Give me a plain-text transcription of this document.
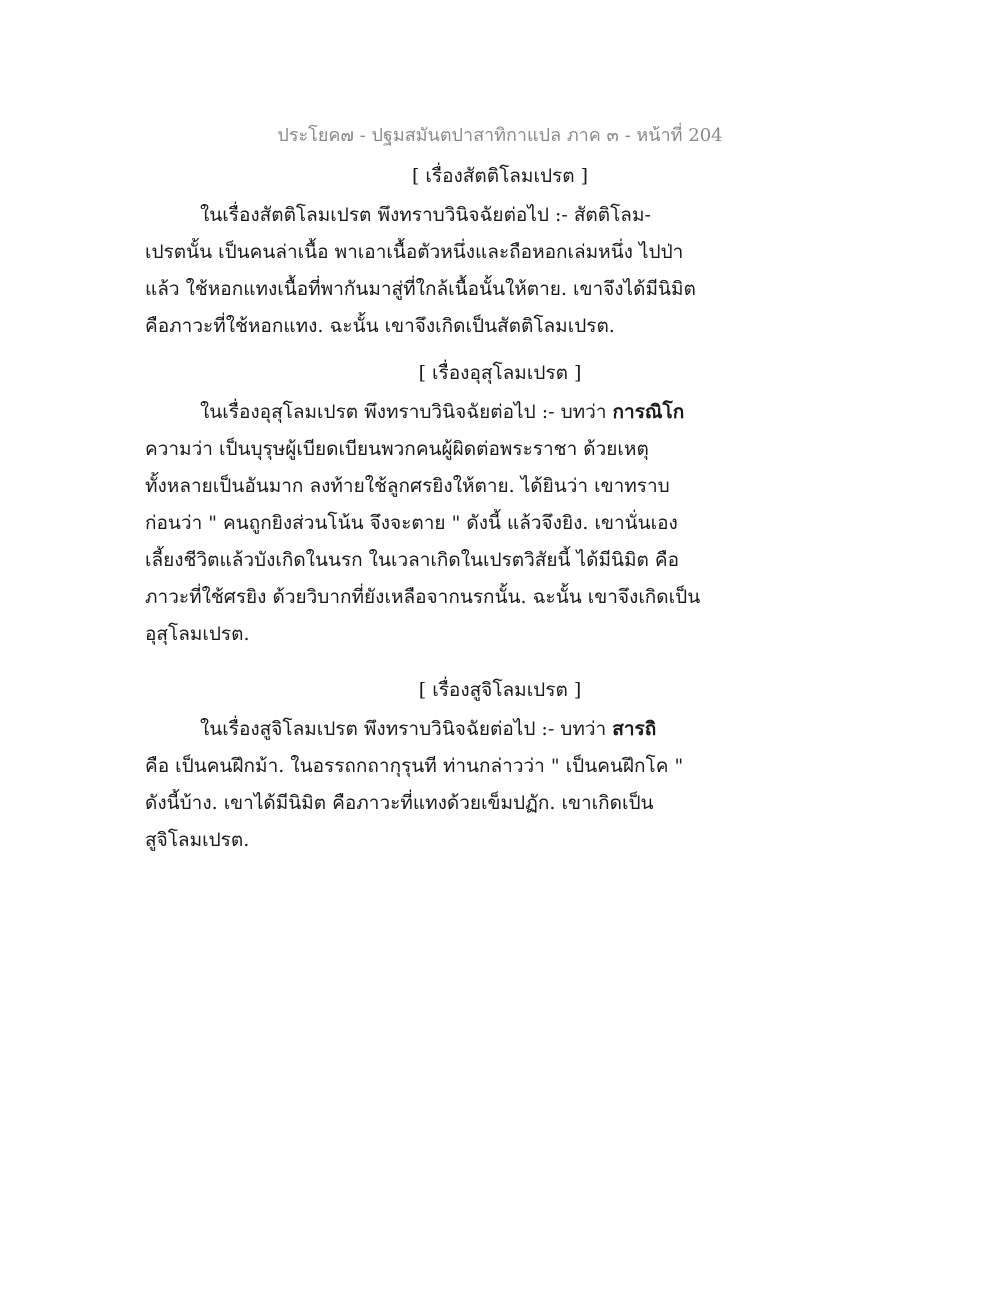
ประโยค๗ - ปฐมสมันตปาสาทิกาแปล ภาค ๓ - หน้าที่ 204
[ เรื่องสัตติโลมเปรต ]
ในเรื่องสัตติโลมเปรต พึงทราบวินิจฉัยต่อไป :- สัตติโลม-
เปรตนั้น เป็นคนล่าเนื้อ พาเอาเนื้อตัวหนึ่งและถือหอกเล่มหนึ่ง ไปป่า
แล้ว ใช้หอกแทงเนื้อที่พากันมาสู่ที่ใกล้เนื้อนั้นให้ตาย. เขาจึงได้มีนิมิต
คือภาวะที่ใช้หอกแทง. ฉะนั้น เขาจึงเกิดเป็นสัตติโลมเปรต.
[ เรื่องอุสุโลมเปรต ]
ในเรื่องอุสุโลมเปรต พึงทราบวินิจฉัยต่อไป :- บทว่า การณิโก
ความว่า เป็นบุรุษผู้เบียดเบียนพวกคนผู้ผิดต่อพระราชา ด้วยเหตุ
ทั้งหลายเป็นอันมาก ลงท้ายใช้ลูกศรยิงให้ตาย. ได้ยินว่า เขาทราบ
ก่อนว่า " คนถูกยิงส่วนโน้น จึงจะตาย " ดังนี้ แล้วจึงยิง. เขานั่นเอง
เลี้ยงชีวิตแล้วบังเกิดในนรก ในเวลาเกิดในเปรตวิสัยนี้ ได้มีนิมิต คือ
ภาวะที่ใช้ศรยิง ด้วยวิบากที่ยังเหลือจากนรกนั้น. ฉะนั้น เขาจึงเกิดเป็น
อุสุโลมเปรต.
[ เรื่องสูจิโลมเปรต ]
ในเรื่องสูจิโลมเปรต พึงทราบวินิจฉัยต่อไป :- บทว่า สารถิ
คือ เป็นคนฝึกม้า. ในอรรถกถากุรุนที ท่านกล่าวว่า " เป็นคนฝึกโค "
ดังนี้บ้าง. เขาได้มีนิมิต คือภาวะที่แทงด้วยเข็มปฏัก. เขาเกิดเป็น
สูจิโลมเปรต.
